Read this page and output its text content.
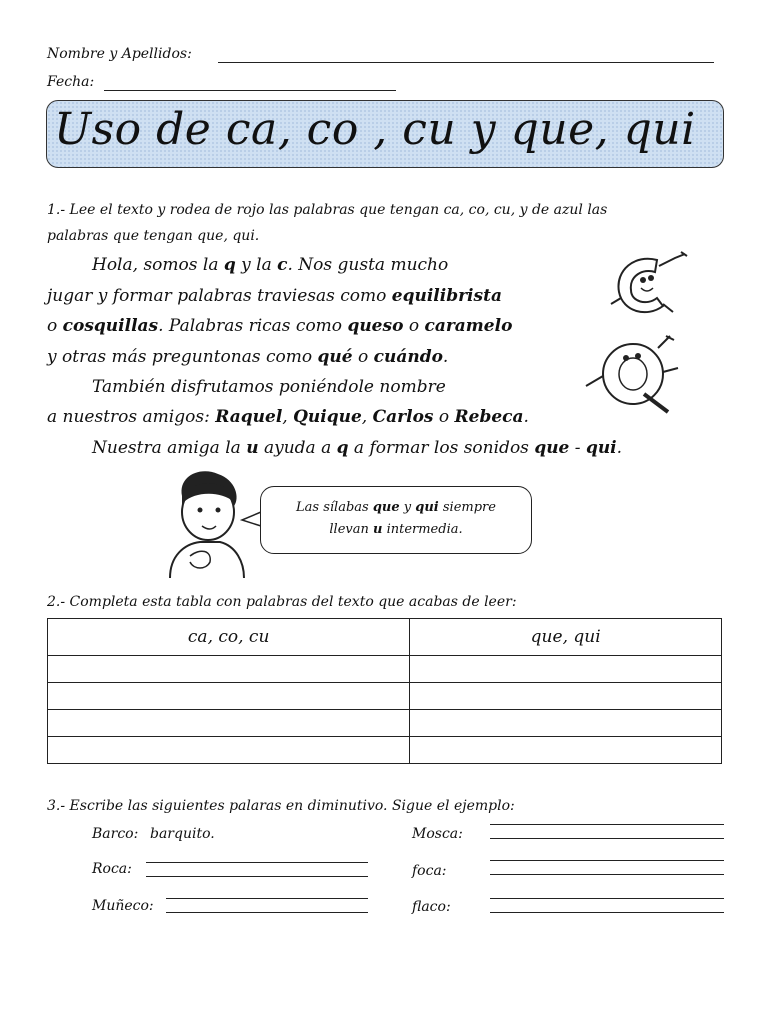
Nombre y Apellidos:
Fecha:
Uso de ca, co , cu y que, qui
1.- Lee el texto y rodea de rojo las palabras que tengan ca, co, cu, y de azul las
palabras que tengan que, qui.
Hola, somos la q y la c. Nos gusta mucho
jugar y formar palabras traviesas como equilibrista
o cosquillas. Palabras ricas como queso o caramelo
y otras más preguntonas como qué o cuándo.
También disfrutamos poniéndole nombre
a nuestros amigos: Raquel, Quique, Carlos o Rebeca.
Nuestra amiga la u ayuda a q a formar los sonidos que - qui.
Las sílabas que y qui siempre
llevan u intermedia.
2.- Completa esta tabla con palabras del texto que acabas de leer:
ca, co, cu	que, qui

3.- Escribe las siguientes palaras en diminutivo. Sigue el ejemplo:
Barco: barquito.
Roca:
Muñeco:
Mosca:
foca:
flaco:
